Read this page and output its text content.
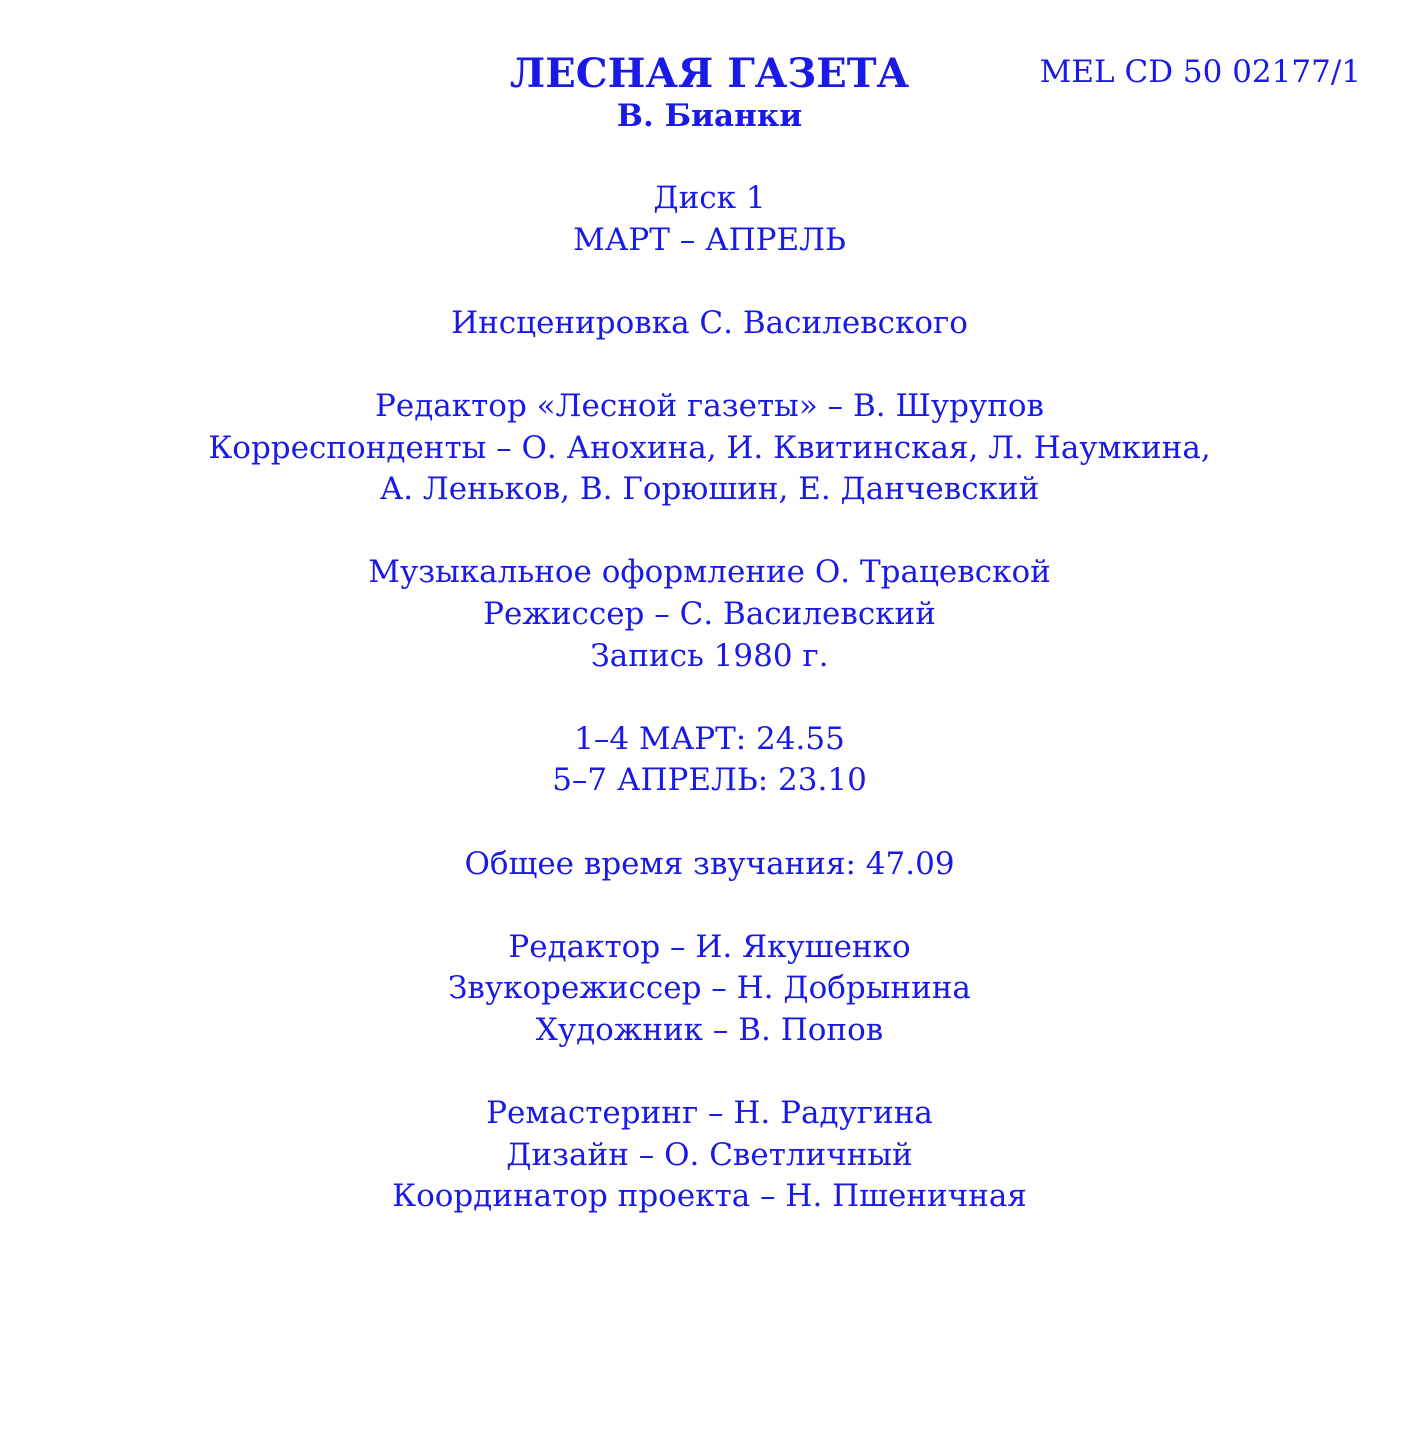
MEL CD 50 02177/1
ЛЕСНАЯ ГАЗЕТА
В. Бианки
Диск 1
МАРТ – АПРЕЛЬ
Инсценировка С. Василевского
Редактор «Лесной газеты» – В. Шурупов
Корреспонденты – О. Анохина, И. Квитинская, Л. Наумкина,
А. Леньков, В. Горюшин, Е. Данчевский
Музыкальное оформление О. Трацевской
Режиссер – С. Василевский
Запись 1980 г.
1–4 МАРТ: 24.55
5–7 АПРЕЛЬ: 23.10
Общее время звучания: 47.09
Редактор – И. Якушенко
Звукорежиссер – Н. Добрынина
Художник – В. Попов
Ремастеринг – Н. Радугина
Дизайн – О. Светличный
Координатор проекта – Н. Пшеничная
